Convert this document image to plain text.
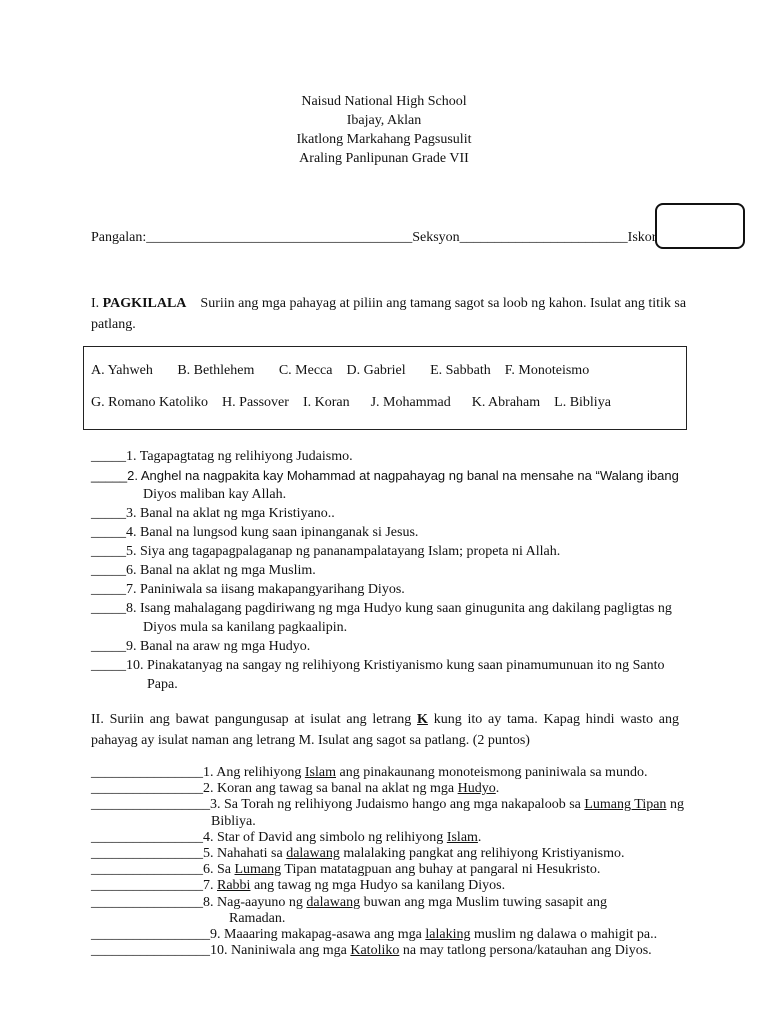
Naisud National High School
Ibajay, Aklan
Ikatlong Markahang Pagsusulit
Araling Panlipunan Grade VII
Pangalan:______________________________________Seksyon________________________Iskor
I. PAGKILALA Suriin ang mga pahayag at piliin ang tamang sagot sa loob ng kahon. Isulat ang titik sa patlang.
A. Yahweh B. Bethlehem C. Mecca D. Gabriel E. Sabbath F. Monoteismo
G. Romano Katoliko H. Passover I. Koran J. Mohammad K. Abraham L. Bibliya
_____1. Tagapagtatag ng relihiyong Judaismo.
_____2. Anghel na nagpakita kay Mohammad at nagpahayag ng banal na mensahe na “Walang ibang
Diyos maliban kay Allah.
_____3. Banal na aklat ng mga Kristiyano..
_____4. Banal na lungsod kung saan ipinanganak si Jesus.
_____5. Siya ang tagapagpalaganap ng pananampalatayang Islam; propeta ni Allah.
_____6. Banal na aklat ng mga Muslim.
_____7. Paniniwala sa iisang makapangyarihang Diyos.
_____8. Isang mahalagang pagdiriwang ng mga Hudyo kung saan ginugunita ang dakilang pagligtas ng
Diyos mula sa kanilang pagkaalipin.
_____9. Banal na araw ng mga Hudyo.
_____10. Pinakatanyag na sangay ng relihiyong Kristiyanismo kung saan pinamumunuan ito ng Santo
Papa.
II. Suriin ang bawat pangungusap at isulat ang letrang K kung ito ay tama. Kapag hindi wasto ang pahayag ay isulat naman ang letrang M. Isulat ang sagot sa patlang. (2 puntos)
________________1. Ang relihiyong Islam ang pinakaunang monoteismong paniniwala sa mundo.
________________2. Koran ang tawag sa banal na aklat ng mga Hudyo.
_________________3. Sa Torah ng relihiyong Judaismo hango ang mga nakapaloob sa Lumang Tipan ng
Bibliya.
________________4. Star of David ang simbolo ng relihiyong Islam.
________________5. Nahahati sa dalawang malalaking pangkat ang relihiyong Kristiyanismo.
________________6. Sa Lumang Tipan matatagpuan ang buhay at pangaral ni Hesukristo.
________________7. Rabbi ang tawag ng mga Hudyo sa kanilang Diyos.
________________8. Nag-aayuno ng dalawang buwan ang mga Muslim tuwing sasapit ang
Ramadan.
_________________9. Maaaring makapag-asawa ang mga lalaking muslim ng dalawa o mahigit pa..
_________________10. Naniniwala ang mga Katoliko na may tatlong persona/katauhan ang Diyos.
